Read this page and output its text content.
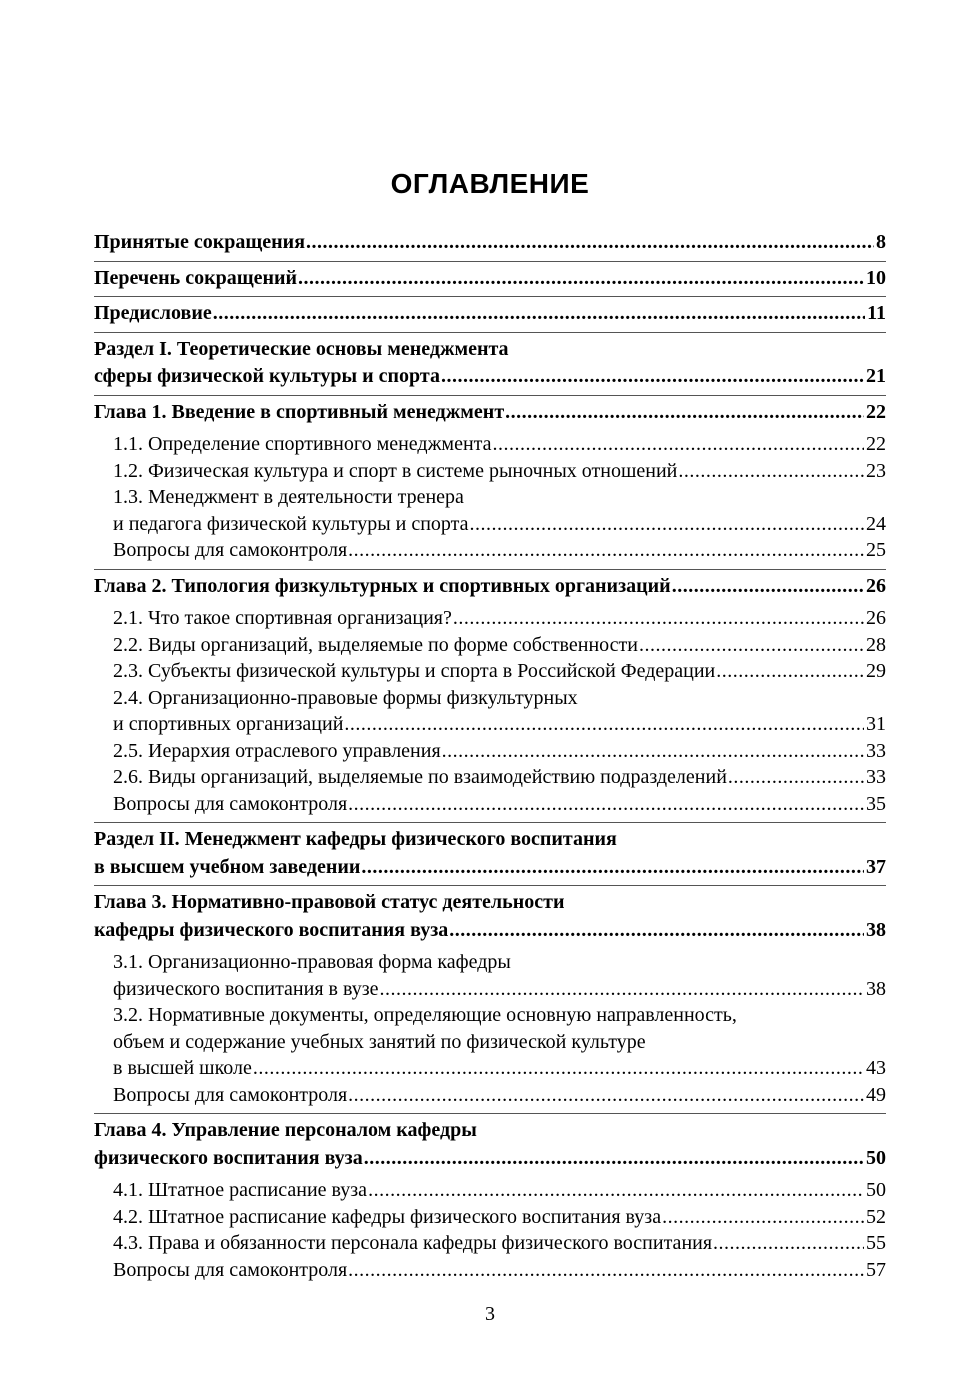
ОГЛАВЛЕНИЕ
Принятые сокращения .....	8
Перечень сокращений .....	10
Предисловие .....	11
Раздел I. Теоретические основы менеджмента
сферы физической культуры и спорта .....	21
Глава 1. Введение в спортивный менеджмент .....	22
1.1. Определение спортивного менеджмента .....	22
1.2. Физическая культура и спорт в системе рыночных отношений .....	23
1.3. Менеджмент в деятельности тренера
и педагога физической культуры и спорта .....	24
Вопросы для самоконтроля .....	25
Глава 2. Типология физкультурных и спортивных организаций .....	26
2.1. Что такое спортивная организация? .....	26
2.2. Виды организаций, выделяемые по форме собственности .....	28
2.3. Субъекты физической культуры и спорта в Российской Федерации .....	29
2.4. Организационно-правовые формы физкультурных
и спортивных организаций .....	31
2.5. Иерархия отраслевого управления .....	33
2.6. Виды организаций, выделяемые по взаимодействию подразделений .....	33
Вопросы для самоконтроля .....	35
Раздел II. Менеджмент кафедры физического воспитания
в высшем учебном заведении .....	37
Глава 3. Нормативно-правовой статус деятельности
кафедры физического воспитания вуза .....	38
3.1. Организационно-правовая форма кафедры
физического воспитания в вузе .....	38
3.2. Нормативные документы, определяющие основную направленность,
объем и содержание учебных занятий по физической культуре
в высшей школе .....	43
Вопросы для самоконтроля .....	49
Глава 4. Управление персоналом кафедры
физического воспитания вуза .....	50
4.1. Штатное расписание вуза .....	50
4.2. Штатное расписание кафедры физического воспитания вуза .....	52
4.3. Права и обязанности персонала кафедры физического воспитания .....	55
Вопросы для самоконтроля .....	57
3
